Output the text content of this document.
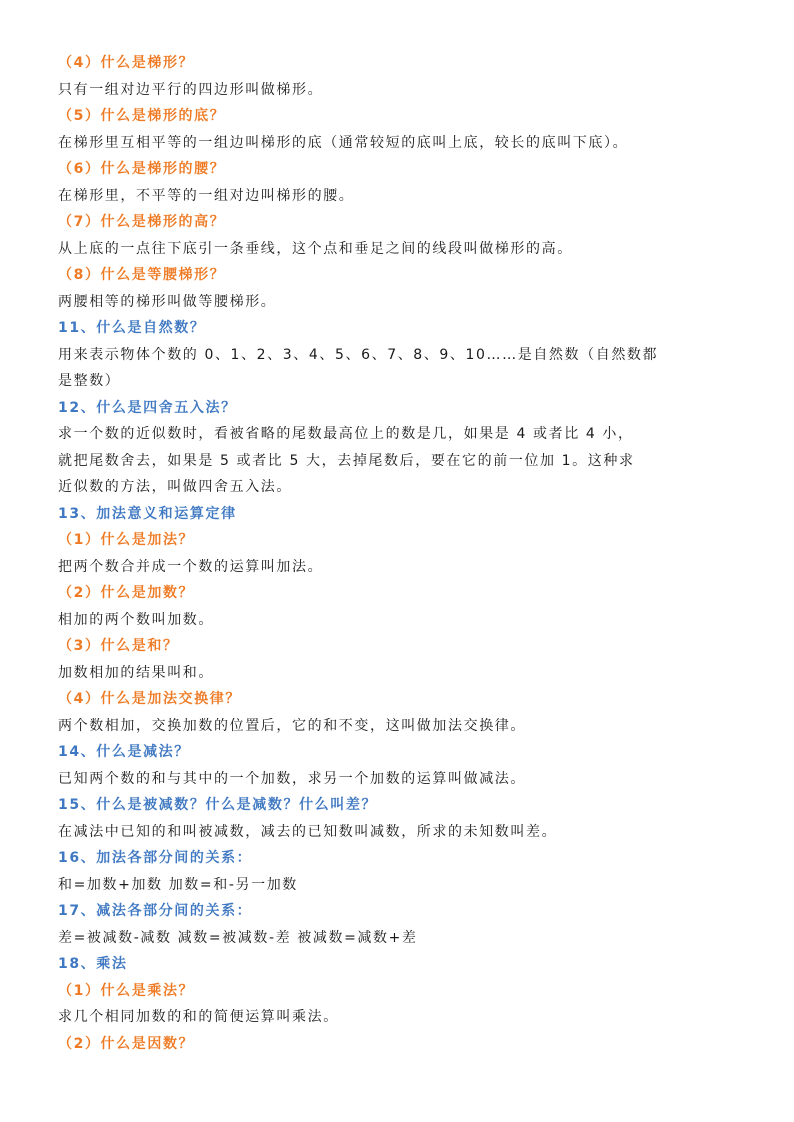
（4）什么是梯形？

只有一组对边平行的四边形叫做梯形。

（5）什么是梯形的底？

在梯形里互相平等的一组边叫梯形的底（通常较短的底叫上底，较长的底叫下底）。

（6）什么是梯形的腰？

在梯形里，不平等的一组对边叫梯形的腰。

（7）什么是梯形的高？

从上底的一点往下底引一条垂线，这个点和垂足之间的线段叫做梯形的高。

（8）什么是等腰梯形？

两腰相等的梯形叫做等腰梯形。

11、什么是自然数？

用来表示物体个数的 0、1、2、3、4、5、6、7、8、9、10……是自然数（自然数都

是整数）

12、什么是四舍五入法？

求一个数的近似数时，看被省略的尾数最高位上的数是几，如果是 4 或者比 4 小，

就把尾数舍去，如果是 5 或者比 5 大，去掉尾数后，要在它的前一位加 1。这种求

近似数的方法，叫做四舍五入法。

13、加法意义和运算定律

（1）什么是加法？

把两个数合并成一个数的运算叫加法。

（2）什么是加数？

相加的两个数叫加数。

（3）什么是和？

加数相加的结果叫和。

（4）什么是加法交换律？

两个数相加，交换加数的位置后，它的和不变，这叫做加法交换律。

14、什么是减法？

已知两个数的和与其中的一个加数，求另一个加数的运算叫做减法。

15、什么是被减数？什么是减数？什么叫差？

在减法中已知的和叫被减数，减去的已知数叫减数，所求的未知数叫差。

16、加法各部分间的关系：

和=加数+加数 加数=和-另一加数

17、减法各部分间的关系：

差=被减数-减数 减数=被减数-差 被减数=减数+差

18、乘法

（1）什么是乘法？

求几个相同加数的和的简便运算叫乘法。

（2）什么是因数？
